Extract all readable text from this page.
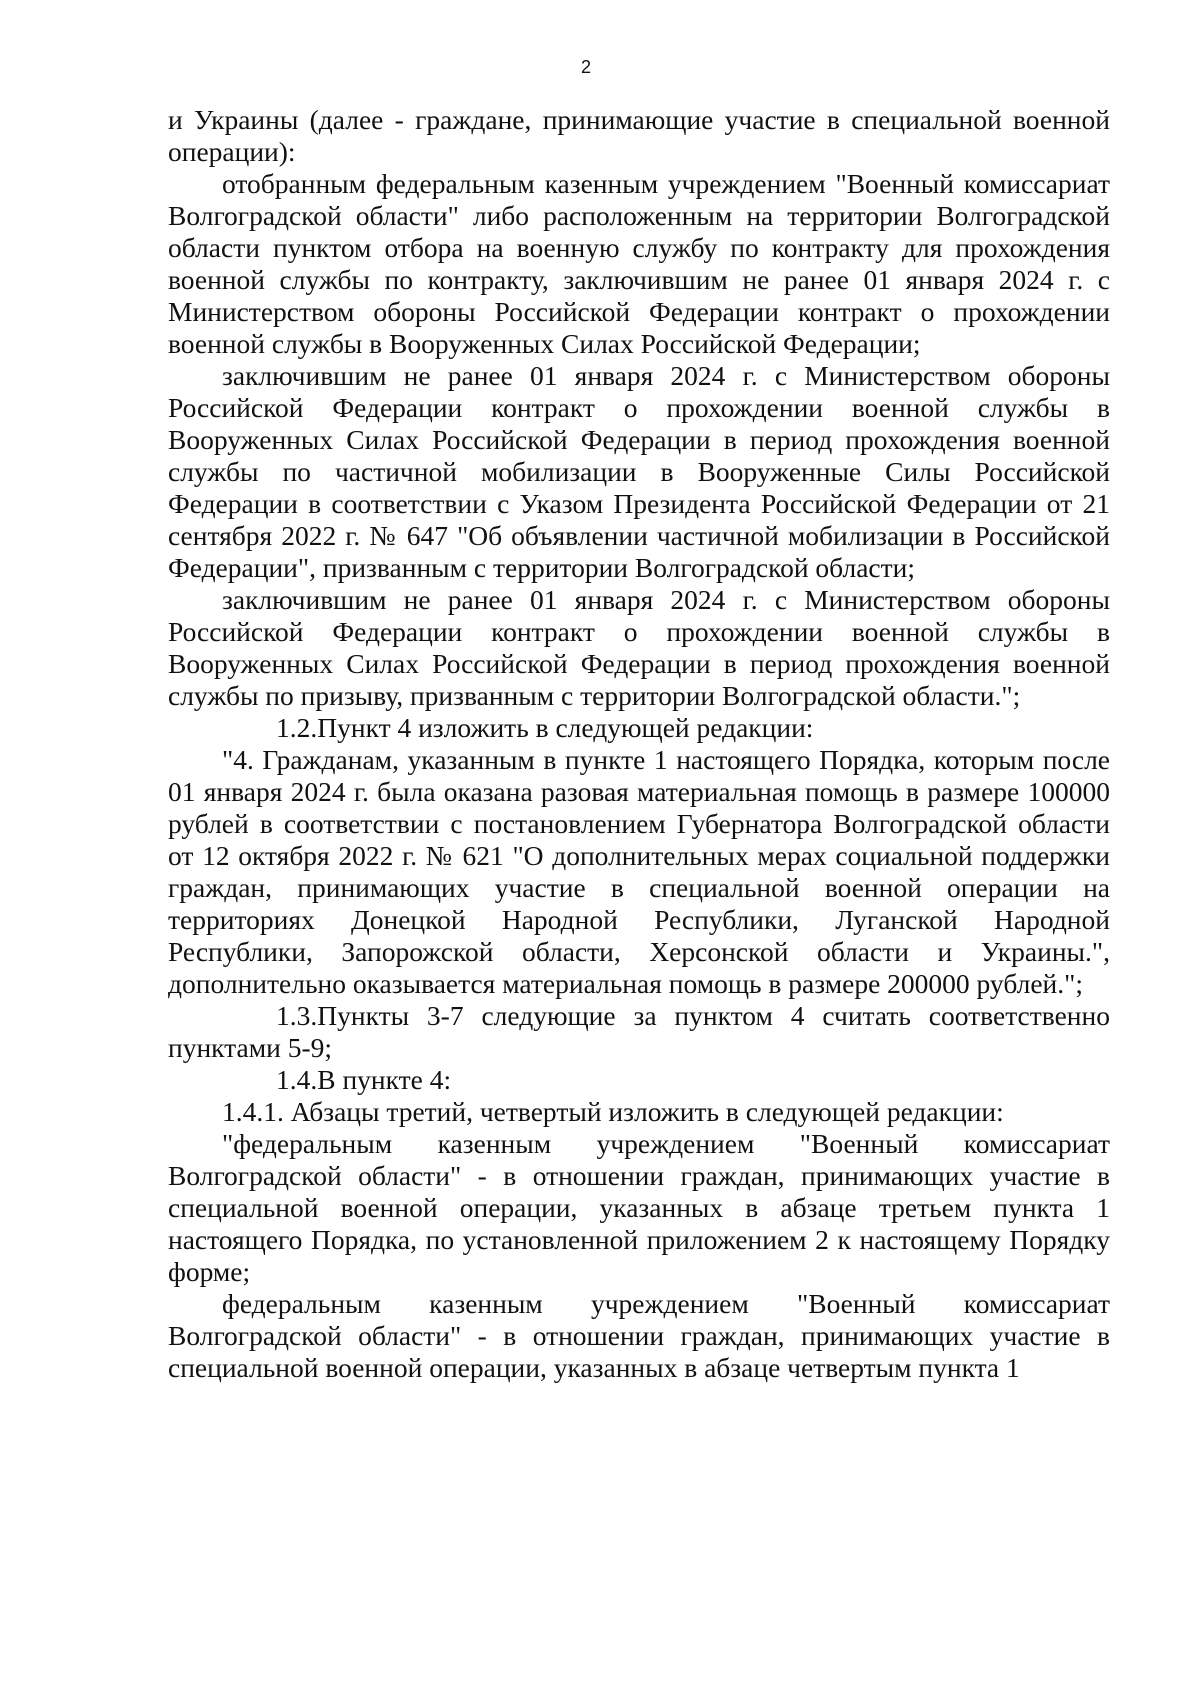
2

и Украины (далее - граждане, принимающие участие в специальной военной операции):

отобранным федеральным казенным учреждением "Военный комиссариат Волгоградской области" либо расположенным на территории Волгоградской области пунктом отбора на военную службу по контракту для прохождения военной службы по контракту, заключившим не ранее 01 января 2024 г. с Министерством обороны Российской Федерации контракт о прохождении военной службы в Вооруженных Силах Российской Федерации;

заключившим не ранее 01 января 2024 г. с Министерством обороны Российской Федерации контракт о прохождении военной службы в Вооруженных Силах Российской Федерации в период прохождения военной службы по частичной мобилизации в Вооруженные Силы Российской Федерации в соответствии с Указом Президента Российской Федерации от 21 сентября 2022 г. № 647 "Об объявлении частичной мобилизации в Российской Федерации", призванным с территории Волгоградской области;

заключившим не ранее 01 января 2024 г. с Министерством обороны Российской Федерации контракт о прохождении военной службы в Вооруженных Силах Российской Федерации в период прохождения военной службы по призыву, призванным с территории Волгоградской области.";

1.2.Пункт 4 изложить в следующей редакции:

"4. Гражданам, указанным в пункте 1 настоящего Порядка, которым после 01 января 2024 г. была оказана разовая материальная помощь в размере 100000 рублей в соответствии с постановлением Губернатора Волгоградской области от 12 октября 2022 г. № 621 "О дополнительных мерах социальной поддержки граждан, принимающих участие в специальной военной операции на территориях Донецкой Народной Республики, Луганской Народной Республики, Запорожской области, Херсонской области и Украины.", дополнительно оказывается материальная помощь в размере 200000 рублей.";

1.3.Пункты 3-7 следующие за пунктом 4 считать соответственно пунктами 5-9;

1.4.В пункте 4:

1.4.1. Абзацы третий, четвертый изложить в следующей редакции:

"федеральным казенным учреждением "Военный комиссариат Волгоградской области" - в отношении граждан, принимающих участие в специальной военной операции, указанных в абзаце третьем пункта 1 настоящего Порядка, по установленной приложением 2 к настоящему Порядку форме;

федеральным казенным учреждением "Военный комиссариат Волгоградской области" - в отношении граждан, принимающих участие в специальной военной операции, указанных в абзаце четвертым пункта 1
